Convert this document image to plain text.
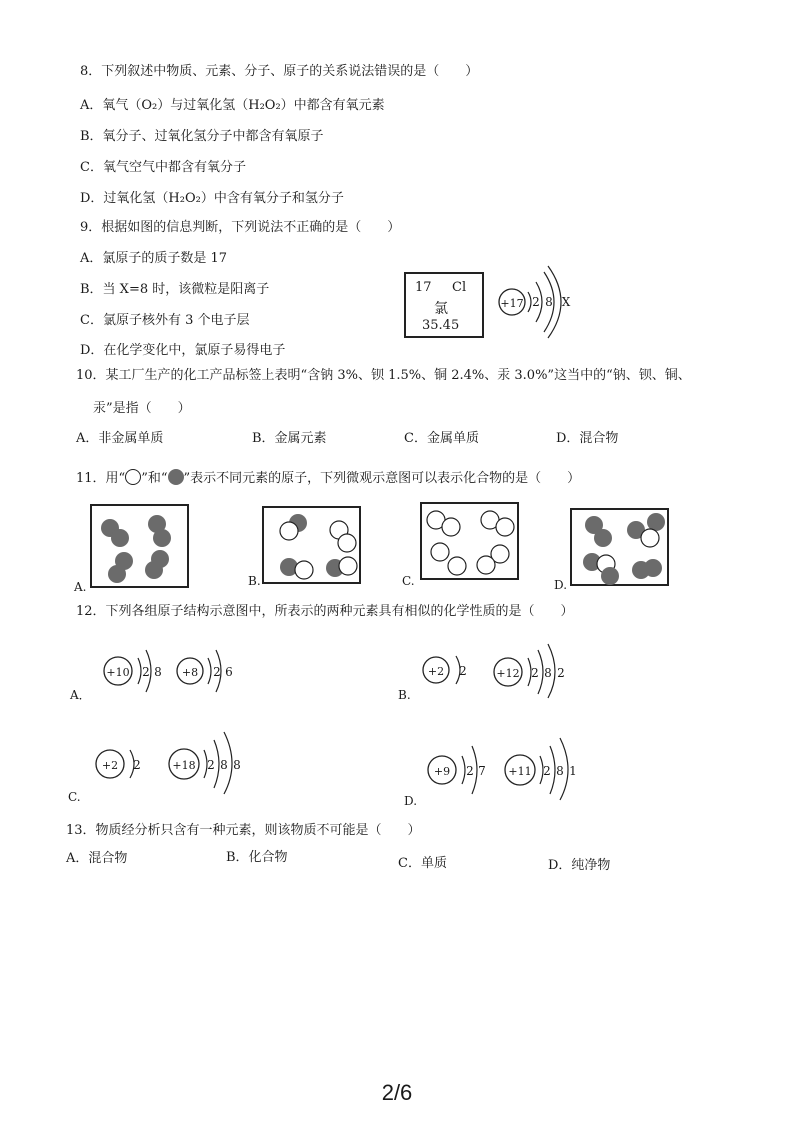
8．下列叙述中物质、元素、分子、原子的关系说法错误的是（　　）
A．氧气（O₂）与过氧化氢（H₂O₂）中都含有氧元素
B．氧分子、过氧化氢分子中都含有氧原子
C．氧气空气中都含有氧分子
D．过氧化氢（H₂O₂）中含有氧分子和氢分子
9．根据如图的信息判断，下列说法不正确的是（　　）
A．氯原子的质子数是 17
B．当 X=8 时，该微粒是阳离子
C．氯原子核外有 3 个电子层
D．在化学变化中，氯原子易得电子
17 Cl
氯
35.45
+17 2 8 X
10．某工厂生产的化工产品标签上表明“含钠 3%、钡 1.5%、铜 2.4%、汞 3.0%”这当中的“钠、钡、铜、
汞”是指（　　）
A．非金属单质	B．金属元素	C．金属单质	D．混合物
11．用“ ”和“ ”表示不同元素的原子，下列微观示意图可以表示化合物的是（　　）
A.	B.	C.	D.
12．下列各组原子结构示意图中，所表示的两种元素具有相似的化学性质的是（　　）
A．	B.
C.	D.
+10 2 8 +8 2 6	+2 2	+12 2 8 2
+2 2	+18 2 8 8	+9 2 7 +11 2 8 1
13．物质经分析只含有一种元素，则该物质不可能是（　　）
A．混合物	B．化合物	C．单质	D．纯净物
2/6
